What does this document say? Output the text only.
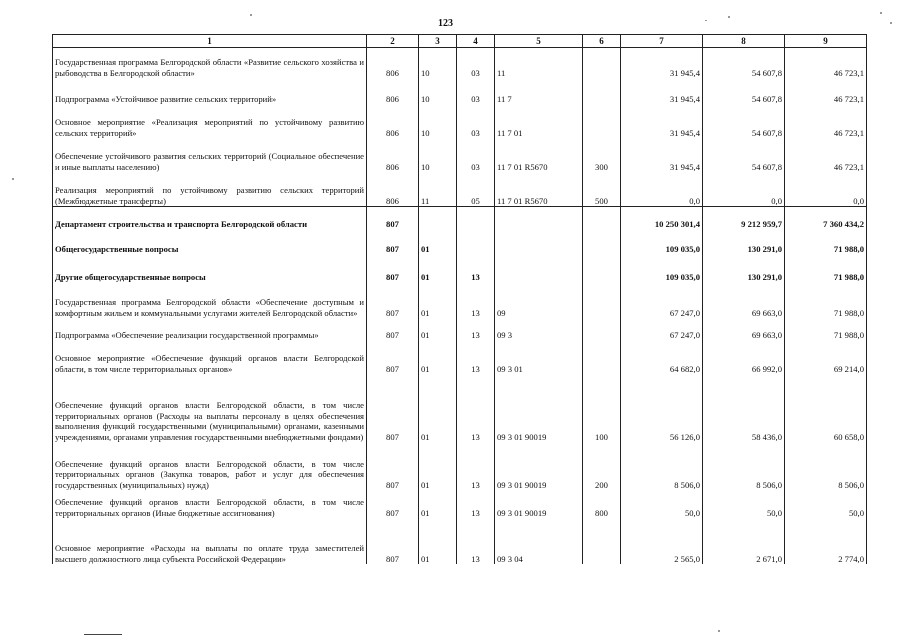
123
1	2	3	4	5	6	7	8	9
Государственная программа Белгородской области «Развитие сельского хозяйства и рыбоводства в Белгородской области»	806	10	03	11		31 945,4	54 607,8	46 723,1
Подпрограмма «Устойчивое развитие сельских территорий»	806	10	03	11 7		31 945,4	54 607,8	46 723,1
Основное мероприятие «Реализация мероприятий по устойчивому развитию сельских территорий»	806	10	03	11 7 01		31 945,4	54 607,8	46 723,1
Обеспечение устойчивого развития сельских территорий (Социальное обеспечение и иные выплаты населению)	806	10	03	11 7 01 R5670	300	31 945,4	54 607,8	46 723,1
Реализация мероприятий по устойчивому развитию сельских территорий (Межбюджетные трансферты)	806	11	05	11 7 01 R5670	500	0,0	0,0	0,0
Департамент строительства и транспорта Белгородской области	807					10 250 301,4	9 212 959,7	7 360 434,2
Общегосударственные вопросы	807	01				109 035,0	130 291,0	71 988,0
Другие общегосударственные вопросы	807	01	13			109 035,0	130 291,0	71 988,0
Государственная программа Белгородской области «Обеспечение доступным и комфортным жильем и коммунальными услугами жителей Белгородской области»	807	01	13	09		67 247,0	69 663,0	71 988,0
Подпрограмма «Обеспечение реализации государственной программы»	807	01	13	09 3		67 247,0	69 663,0	71 988,0
Основное мероприятие «Обеспечение функций органов власти Белгородской области, в том числе территориальных органов»	807	01	13	09 3 01		64 682,0	66 992,0	69 214,0
Обеспечение функций органов власти Белгородской области, в том числе территориальных органов (Расходы на выплаты персоналу в целях обеспечения выполнения функций государственными (муниципальными) органами, казенными учреждениями, органами управления государственными внебюджетными фондами)	807	01	13	09 3 01 90019	100	56 126,0	58 436,0	60 658,0
Обеспечение функций органов власти Белгородской области, в том числе территориальных органов (Закупка товаров, работ и услуг для обеспечения государственных (муниципальных) нужд)	807	01	13	09 3 01 90019	200	8 506,0	8 506,0	8 506,0
Обеспечение функций органов власти Белгородской области, в том числе территориальных органов (Иные бюджетные ассигнования)	807	01	13	09 3 01 90019	800	50,0	50,0	50,0
Основное мероприятие «Расходы на выплаты по оплате труда заместителей высшего должностного лица субъекта Российской Федерации»	807	01	13	09 3 04		2 565,0	2 671,0	2 774,0
